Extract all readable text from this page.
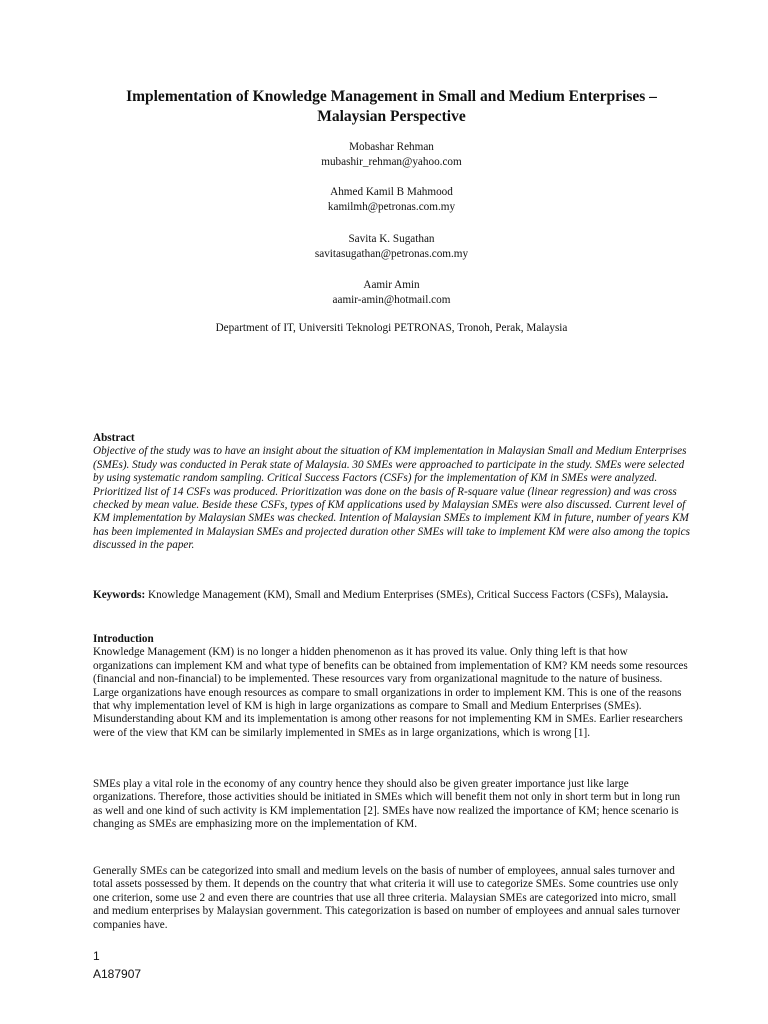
Implementation of Knowledge Management in Small and Medium Enterprises – Malaysian Perspective
Mobashar Rehman
mubashir_rehman@yahoo.com
Ahmed Kamil B Mahmood
kamilmh@petronas.com.my
Savita K. Sugathan
savitasugathan@petronas.com.my
Aamir Amin
aamir-amin@hotmail.com
Department of IT, Universiti Teknologi PETRONAS, Tronoh, Perak, Malaysia
Abstract
Objective of the study was to have an insight about the situation of KM implementation in Malaysian Small and Medium Enterprises (SMEs). Study was conducted in Perak state of Malaysia. 30 SMEs were approached to participate in the study. SMEs were selected by using systematic random sampling. Critical Success Factors (CSFs) for the implementation of KM in SMEs were analyzed. Prioritized list of 14 CSFs was produced. Prioritization was done on the basis of R-square value (linear regression) and was cross checked by mean value. Beside these CSFs, types of KM applications used by Malaysian SMEs were also discussed. Current level of KM implementation by Malaysian SMEs was checked. Intention of Malaysian SMEs to implement KM in future, number of years KM has been implemented in Malaysian SMEs and projected duration other SMEs will take to implement KM were also among the topics discussed in the paper.
Keywords: Knowledge Management (KM), Small and Medium Enterprises (SMEs), Critical Success Factors (CSFs), Malaysia.
Introduction
Knowledge Management (KM) is no longer a hidden phenomenon as it has proved its value. Only thing left is that how organizations can implement KM and what type of benefits can be obtained from implementation of KM? KM needs some resources (financial and non-financial) to be implemented. These resources vary from organizational magnitude to the nature of business. Large organizations have enough resources as compare to small organizations in order to implement KM. This is one of the reasons that why implementation level of KM is high in large organizations as compare to Small and Medium Enterprises (SMEs). Misunderstanding about KM and its implementation is among other reasons for not implementing KM in SMEs. Earlier researchers were of the view that KM can be similarly implemented in SMEs as in large organizations, which is wrong [1].
SMEs play a vital role in the economy of any country hence they should also be given greater importance just like large organizations. Therefore, those activities should be initiated in SMEs which will benefit them not only in short term but in long run as well and one kind of such activity is KM implementation [2]. SMEs have now realized the importance of KM; hence scenario is changing as SMEs are emphasizing more on the implementation of KM.
Generally SMEs can be categorized into small and medium levels on the basis of number of employees, annual sales turnover and total assets possessed by them. It depends on the country that what criteria it will use to categorize SMEs. Some countries use only one criterion, some use 2 and even there are countries that use all three criteria. Malaysian SMEs are categorized into micro, small and medium enterprises by Malaysian government. This categorization is based on number of employees and annual sales turnover companies have.
1
A187907
